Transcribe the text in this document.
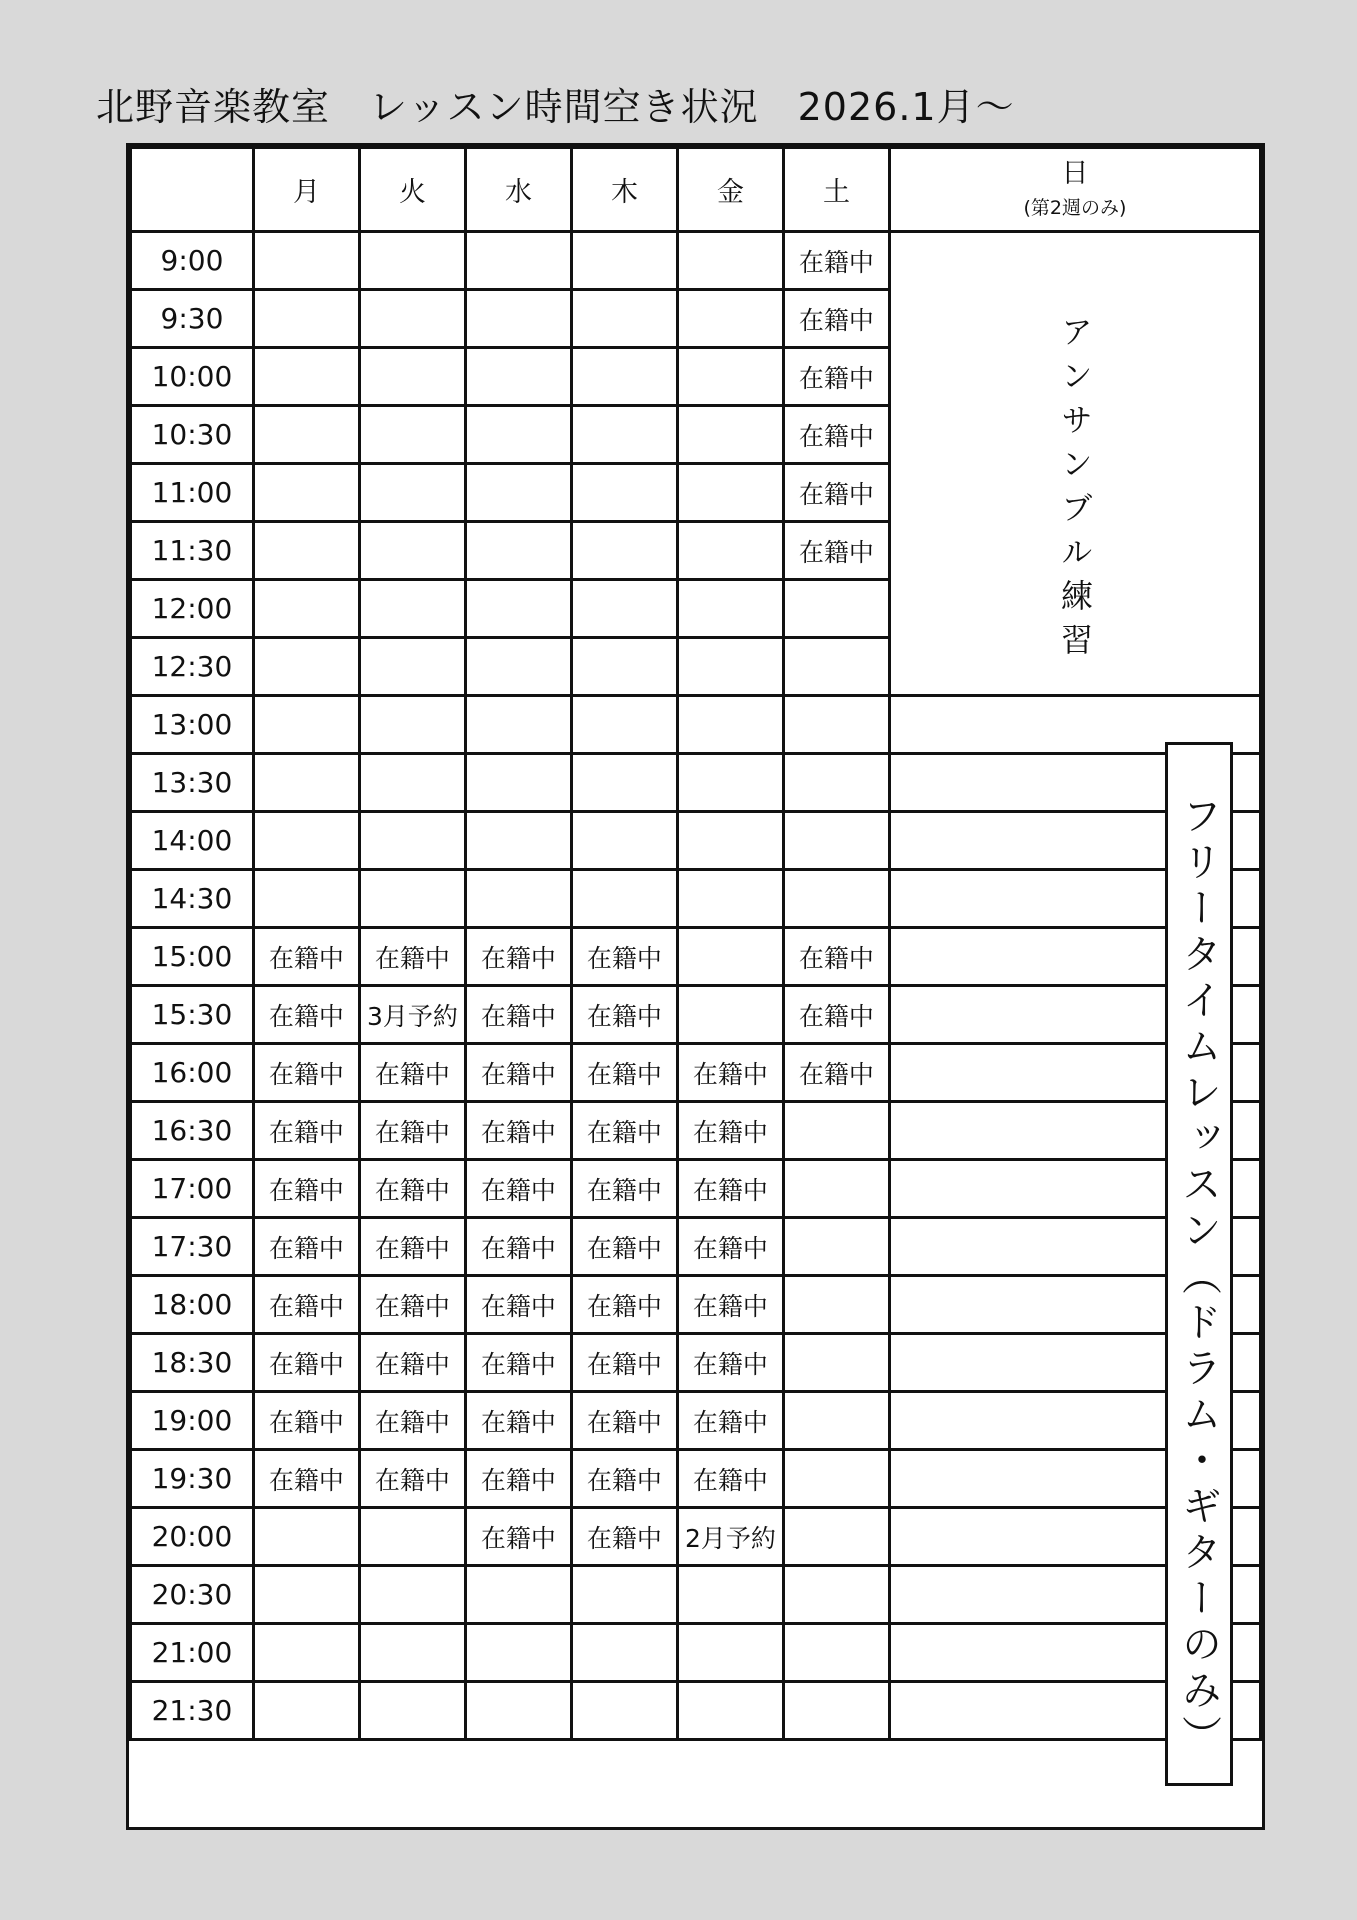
北野音楽教室　レッスン時間空き状況　2026.1月～
	月	火	水	木	金	土	日
(第2週のみ)

9:00						在籍中	アンサンブル練習

9:30						在籍中	
10:00						在籍中	
10:30						在籍中	
11:00						在籍中	
11:30						在籍中	
12:00							
12:30							
13:00							
13:30							
14:00							
14:30							
15:00	在籍中	在籍中	在籍中	在籍中		在籍中	
15:30	在籍中	3月予約	在籍中	在籍中		在籍中	
16:00	在籍中	在籍中	在籍中	在籍中	在籍中	在籍中	
16:30	在籍中	在籍中	在籍中	在籍中	在籍中		
17:00	在籍中	在籍中	在籍中	在籍中	在籍中		
17:30	在籍中	在籍中	在籍中	在籍中	在籍中		
18:00	在籍中	在籍中	在籍中	在籍中	在籍中		
18:30	在籍中	在籍中	在籍中	在籍中	在籍中		
19:00	在籍中	在籍中	在籍中	在籍中	在籍中		
19:30	在籍中	在籍中	在籍中	在籍中	在籍中		
20:00			在籍中	在籍中	2月予約		
20:30							
21:00							
21:30								フリータイムレッスン（ドラム・ギターのみ）
